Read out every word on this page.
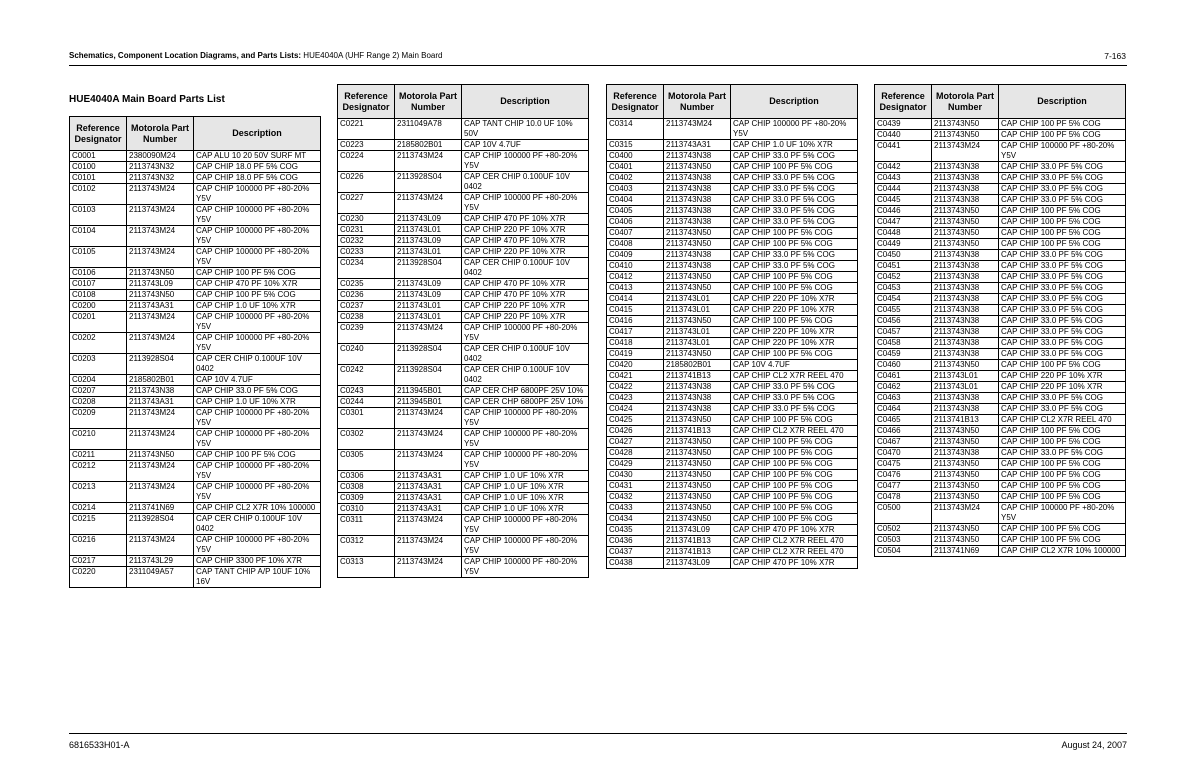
Schematics, Component Location Diagrams, and Parts Lists: HUE4040A (UHF Range 2) Main Board	7-163
HUE4040A Main Board Parts List
Reference Designator	Motorola Part Number	Description
C0001	2380090M24	CAP ALU 10 20 50V SURF MT
C0100	2113743N32	CAP CHIP 18.0 PF 5% COG
C0101	2113743N32	CAP CHIP 18.0 PF 5% COG
C0102	2113743M24	CAP CHIP 100000 PF +80-20% Y5V
C0103	2113743M24	CAP CHIP 100000 PF +80-20% Y5V
C0104	2113743M24	CAP CHIP 100000 PF +80-20% Y5V
C0105	2113743M24	CAP CHIP 100000 PF +80-20% Y5V
C0106	2113743N50	CAP CHIP 100 PF 5% COG
C0107	2113743L09	CAP CHIP 470 PF 10% X7R
C0108	2113743N50	CAP CHIP 100 PF 5% COG
C0200	2113743A31	CAP CHIP 1.0 UF 10% X7R
C0201	2113743M24	CAP CHIP 100000 PF +80-20% Y5V
C0202	2113743M24	CAP CHIP 100000 PF +80-20% Y5V
C0203	2113928S04	CAP CER CHIP 0.100UF 10V 0402
C0204	2185802B01	CAP 10V 4.7UF
C0207	2113743N38	CAP CHIP 33.0 PF 5% COG
C0208	2113743A31	CAP CHIP 1.0 UF 10% X7R
C0209	2113743M24	CAP CHIP 100000 PF +80-20% Y5V
C0210	2113743M24	CAP CHIP 100000 PF +80-20% Y5V
C0211	2113743N50	CAP CHIP 100 PF 5% COG
C0212	2113743M24	CAP CHIP 100000 PF +80-20% Y5V
C0213	2113743M24	CAP CHIP 100000 PF +80-20% Y5V
C0214	2113741N69	CAP CHIP CL2 X7R 10% 100000
C0215	2113928S04	CAP CER CHIP 0.100UF 10V 0402
C0216	2113743M24	CAP CHIP 100000 PF +80-20% Y5V
C0217	2113743L29	CAP CHIP 3300 PF 10% X7R
C0220	2311049A57	CAP TANT CHIP A/P 10UF 10% 16V
Reference Designator	Motorola Part Number	Description
C0221	2311049A78	CAP TANT CHIP 10.0 UF 10% 50V
C0223	2185802B01	CAP 10V 4.7UF
C0224	2113743M24	CAP CHIP 100000 PF +80-20% Y5V
C0226	2113928S04	CAP CER CHIP 0.100UF 10V 0402
C0227	2113743M24	CAP CHIP 100000 PF +80-20% Y5V
C0230	2113743L09	CAP CHIP 470 PF 10% X7R
C0231	2113743L01	CAP CHIP 220 PF 10% X7R
C0232	2113743L09	CAP CHIP 470 PF 10% X7R
C0233	2113743L01	CAP CHIP 220 PF 10% X7R
C0234	2113928S04	CAP CER CHIP 0.100UF 10V 0402
C0235	2113743L09	CAP CHIP 470 PF 10% X7R
C0236	2113743L09	CAP CHIP 470 PF 10% X7R
C0237	2113743L01	CAP CHIP 220 PF 10% X7R
C0238	2113743L01	CAP CHIP 220 PF 10% X7R
C0239	2113743M24	CAP CHIP 100000 PF +80-20% Y5V
C0240	2113928S04	CAP CER CHIP 0.100UF 10V 0402
C0242	2113928S04	CAP CER CHIP 0.100UF 10V 0402
C0243	2113945B01	CAP CER CHP 6800PF 25V 10%
C0244	2113945B01	CAP CER CHP 6800PF 25V 10%
C0301	2113743M24	CAP CHIP 100000 PF +80-20% Y5V
C0302	2113743M24	CAP CHIP 100000 PF +80-20% Y5V
C0305	2113743M24	CAP CHIP 100000 PF +80-20% Y5V
C0306	2113743A31	CAP CHIP 1.0 UF 10% X7R
C0308	2113743A31	CAP CHIP 1.0 UF 10% X7R
C0309	2113743A31	CAP CHIP 1.0 UF 10% X7R
C0310	2113743A31	CAP CHIP 1.0 UF 10% X7R
C0311	2113743M24	CAP CHIP 100000 PF +80-20% Y5V
C0312	2113743M24	CAP CHIP 100000 PF +80-20% Y5V
C0313	2113743M24	CAP CHIP 100000 PF +80-20% Y5V
Reference Designator	Motorola Part Number	Description
C0314	2113743M24	CAP CHIP 100000 PF +80-20% Y5V
C0315	2113743A31	CAP CHIP 1.0 UF 10% X7R
C0400	2113743N38	CAP CHIP 33.0 PF 5% COG
C0401	2113743N50	CAP CHIP 100 PF 5% COG
C0402	2113743N38	CAP CHIP 33.0 PF 5% COG
C0403	2113743N38	CAP CHIP 33.0 PF 5% COG
C0404	2113743N38	CAP CHIP 33.0 PF 5% COG
C0405	2113743N38	CAP CHIP 33.0 PF 5% COG
C0406	2113743N38	CAP CHIP 33.0 PF 5% COG
C0407	2113743N50	CAP CHIP 100 PF 5% COG
C0408	2113743N50	CAP CHIP 100 PF 5% COG
C0409	2113743N38	CAP CHIP 33.0 PF 5% COG
C0410	2113743N38	CAP CHIP 33.0 PF 5% COG
C0412	2113743N50	CAP CHIP 100 PF 5% COG
C0413	2113743N50	CAP CHIP 100 PF 5% COG
C0414	2113743L01	CAP CHIP 220 PF 10% X7R
C0415	2113743L01	CAP CHIP 220 PF 10% X7R
C0416	2113743N50	CAP CHIP 100 PF 5% COG
C0417	2113743L01	CAP CHIP 220 PF 10% X7R
C0418	2113743L01	CAP CHIP 220 PF 10% X7R
C0419	2113743N50	CAP CHIP 100 PF 5% COG
C0420	2185802B01	CAP 10V 4.7UF
C0421	2113741B13	CAP CHIP CL2 X7R REEL 470
C0422	2113743N38	CAP CHIP 33.0 PF 5% COG
C0423	2113743N38	CAP CHIP 33.0 PF 5% COG
C0424	2113743N38	CAP CHIP 33.0 PF 5% COG
C0425	2113743N50	CAP CHIP 100 PF 5% COG
C0426	2113741B13	CAP CHIP CL2 X7R REEL 470
C0427	2113743N50	CAP CHIP 100 PF 5% COG
C0428	2113743N50	CAP CHIP 100 PF 5% COG
C0429	2113743N50	CAP CHIP 100 PF 5% COG
C0430	2113743N50	CAP CHIP 100 PF 5% COG
C0431	2113743N50	CAP CHIP 100 PF 5% COG
C0432	2113743N50	CAP CHIP 100 PF 5% COG
C0433	2113743N50	CAP CHIP 100 PF 5% COG
C0434	2113743N50	CAP CHIP 100 PF 5% COG
C0435	2113743L09	CAP CHIP 470 PF 10% X7R
C0436	2113741B13	CAP CHIP CL2 X7R REEL 470
C0437	2113741B13	CAP CHIP CL2 X7R REEL 470
C0438	2113743L09	CAP CHIP 470 PF 10% X7R
Reference Designator	Motorola Part Number	Description
C0439	2113743N50	CAP CHIP 100 PF 5% COG
C0440	2113743N50	CAP CHIP 100 PF 5% COG
C0441	2113743M24	CAP CHIP 100000 PF +80-20% Y5V
C0442	2113743N38	CAP CHIP 33.0 PF 5% COG
C0443	2113743N38	CAP CHIP 33.0 PF 5% COG
C0444	2113743N38	CAP CHIP 33.0 PF 5% COG
C0445	2113743N38	CAP CHIP 33.0 PF 5% COG
C0446	2113743N50	CAP CHIP 100 PF 5% COG
C0447	2113743N50	CAP CHIP 100 PF 5% COG
C0448	2113743N50	CAP CHIP 100 PF 5% COG
C0449	2113743N50	CAP CHIP 100 PF 5% COG
C0450	2113743N38	CAP CHIP 33.0 PF 5% COG
C0451	2113743N38	CAP CHIP 33.0 PF 5% COG
C0452	2113743N38	CAP CHIP 33.0 PF 5% COG
C0453	2113743N38	CAP CHIP 33.0 PF 5% COG
C0454	2113743N38	CAP CHIP 33.0 PF 5% COG
C0455	2113743N38	CAP CHIP 33.0 PF 5% COG
C0456	2113743N38	CAP CHIP 33.0 PF 5% COG
C0457	2113743N38	CAP CHIP 33.0 PF 5% COG
C0458	2113743N38	CAP CHIP 33.0 PF 5% COG
C0459	2113743N38	CAP CHIP 33.0 PF 5% COG
C0460	2113743N50	CAP CHIP 100 PF 5% COG
C0461	2113743L01	CAP CHIP 220 PF 10% X7R
C0462	2113743L01	CAP CHIP 220 PF 10% X7R
C0463	2113743N38	CAP CHIP 33.0 PF 5% COG
C0464	2113743N38	CAP CHIP 33.0 PF 5% COG
C0465	2113741B13	CAP CHIP CL2 X7R REEL 470
C0466	2113743N50	CAP CHIP 100 PF 5% COG
C0467	2113743N50	CAP CHIP 100 PF 5% COG
C0470	2113743N38	CAP CHIP 33.0 PF 5% COG
C0475	2113743N50	CAP CHIP 100 PF 5% COG
C0476	2113743N50	CAP CHIP 100 PF 5% COG
C0477	2113743N50	CAP CHIP 100 PF 5% COG
C0478	2113743N50	CAP CHIP 100 PF 5% COG
C0500	2113743M24	CAP CHIP 100000 PF +80-20% Y5V
C0502	2113743N50	CAP CHIP 100 PF 5% COG
C0503	2113743N50	CAP CHIP 100 PF 5% COG
C0504	2113741N69	CAP CHIP CL2 X7R 10% 100000
6816533H01-A	August 24, 2007
